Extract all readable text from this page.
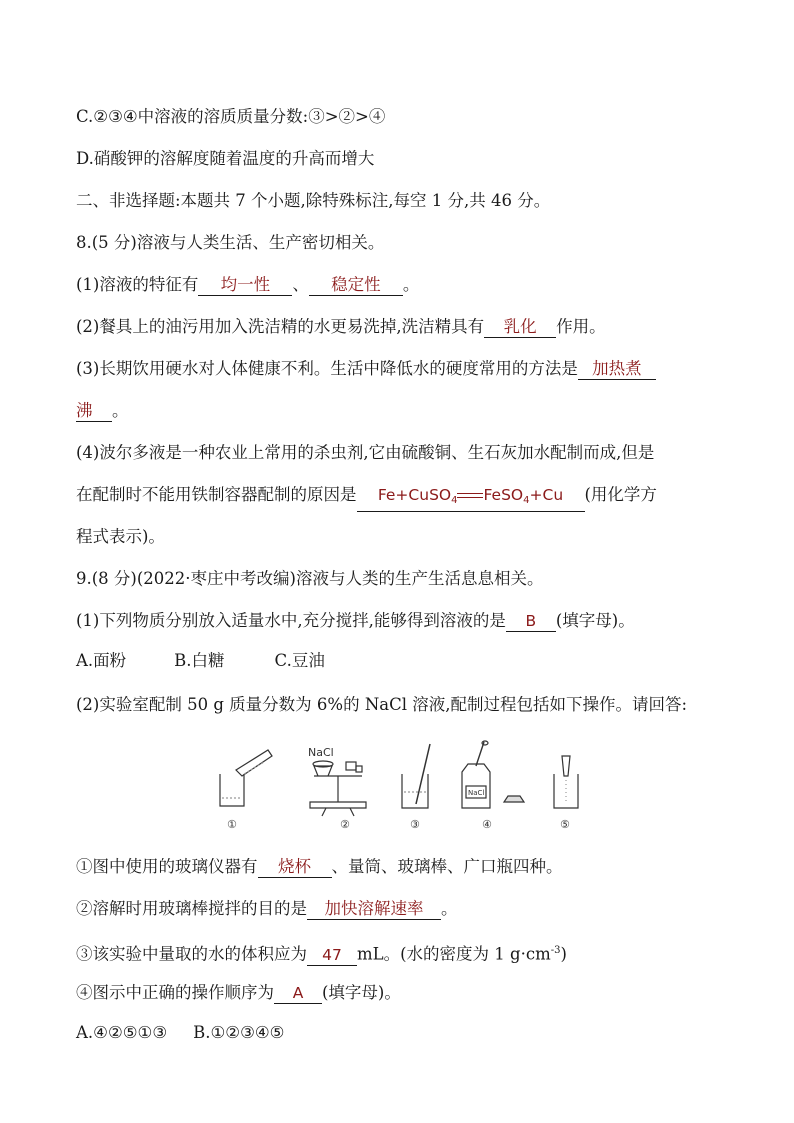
C.②③④中溶液的溶质质量分数:③>②>④
D.硝酸钾的溶解度随着温度的升高而增大
二、非选择题:本题共 7 个小题,除特殊标注,每空 1 分,共 46 分。
8.(5 分)溶液与人类生活、生产密切相关。
(1)溶液的特征有 均一性 、 稳定性 。
(2)餐具上的油污用加入洗洁精的水更易洗掉,洗洁精具有 乳化 作用。
(3)长期饮用硬水对人体健康不利。生活中降低水的硬度常用的方法是 加热煮
沸 。
(4)波尔多液是一种农业上常用的杀虫剂,它由硫酸铜、生石灰加水配制而成,但是
在配制时不能用铁制容器配制的原因是 Fe+CuSO$_4$ FeSO$_4$+Cu (用化学方
程式表示)。
9.(8 分)(2022·枣庄中考改编)溶液与人类的生产生活息息相关。
(1)下列物质分别放入适量水中,充分搅拌,能够得到溶液的是 B (填字母)。
A.面粉	B.白糖	C.豆油
(2)实验室配制 50 g 质量分数为 6%的 NaCl 溶液,配制过程包括如下操作。请回答:
NaCl
NaCl
①	②	③	④	⑤
①图中使用的玻璃仪器有 烧杯 、量筒、玻璃棒、广口瓶四种。
②溶解时用玻璃棒搅拌的目的是 加快溶解速率 。
③该实验中量取的水的体积应为 47 mL。(水的密度为 1 $g\cdot cm^{-3}$)
④图示中正确的操作顺序为 A (填字母)。
A.④②⑤①③ B.①②③④⑤
